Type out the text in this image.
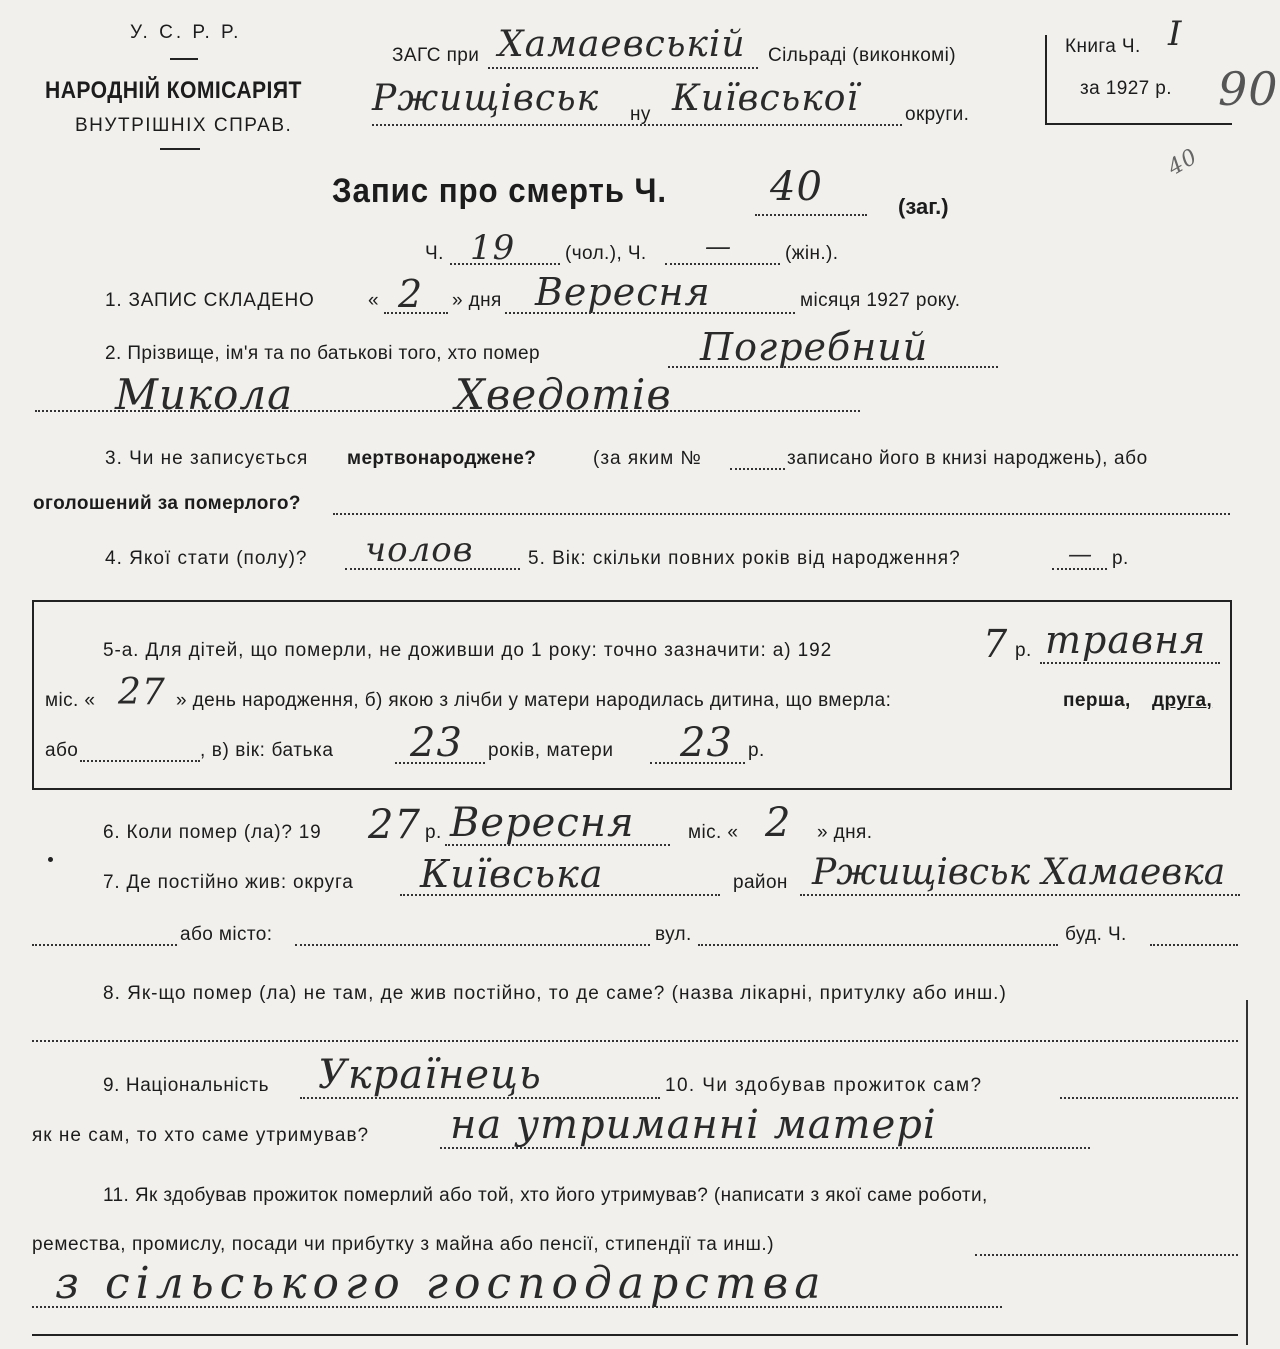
У. С. Р. Р.
НАРОДНІЙ КОМІСАРІЯТ
ВНУТРІШНІХ СПРАВ.
ЗАГС при Хамаевській Сільраді (виконкомі)
Ржищівськ ну Київської округи.
Книга Ч. I
за 1927 р. 90
40
Запис про смерть Ч.	40	(заг.)
Ч. 19	(чол.), Ч. —	(жін.).
1. ЗАПИС СКЛАДЕНО	« 2 » дня Вересня	місяця 1927 року.
2. Прізвище, ім'я та по батькові того, хто помер	Погребний
Микола	Хведотів
3. Чи не записується мертвонароджене?	(за яким №	записано його в книзі народжень), або
оголошений за померлого?
4. Якої стати (полу)? чолов	5. Вік: скільки повних років від народження?	— р.
5-а. Для дітей, що померли, не доживши до 1 року: точно зазначити: а) 192	7 р. травня
міс. « 27 » день народження, б) якою з лічби у матери народилась дитина, що вмерла:	перша, друга,
або	, в) вік: батька 23 років, матери 23 р.
6. Коли помер (ла)? 19 27 р. Вересня	міс. « 2 » дня.
7. Де постійно жив: округа Київська	район Ржищівськ Хамаевка
або місто:	вул.	буд. Ч.
8. Як-що помер (ла) не там, де жив постійно, то де саме? (назва лікарні, притулку або инш.)
9. Національність Українець	10. Чи здобував прожиток сам?
як не сам, то хто саме утримував? на утриманні матері
11. Як здобував прожиток померлий або той, хто його утримував? (написати з якої саме роботи,
ремества, промислу, посади чи прибутку з майна або пенсії, стипендії та инш.)
з сільського господарства
